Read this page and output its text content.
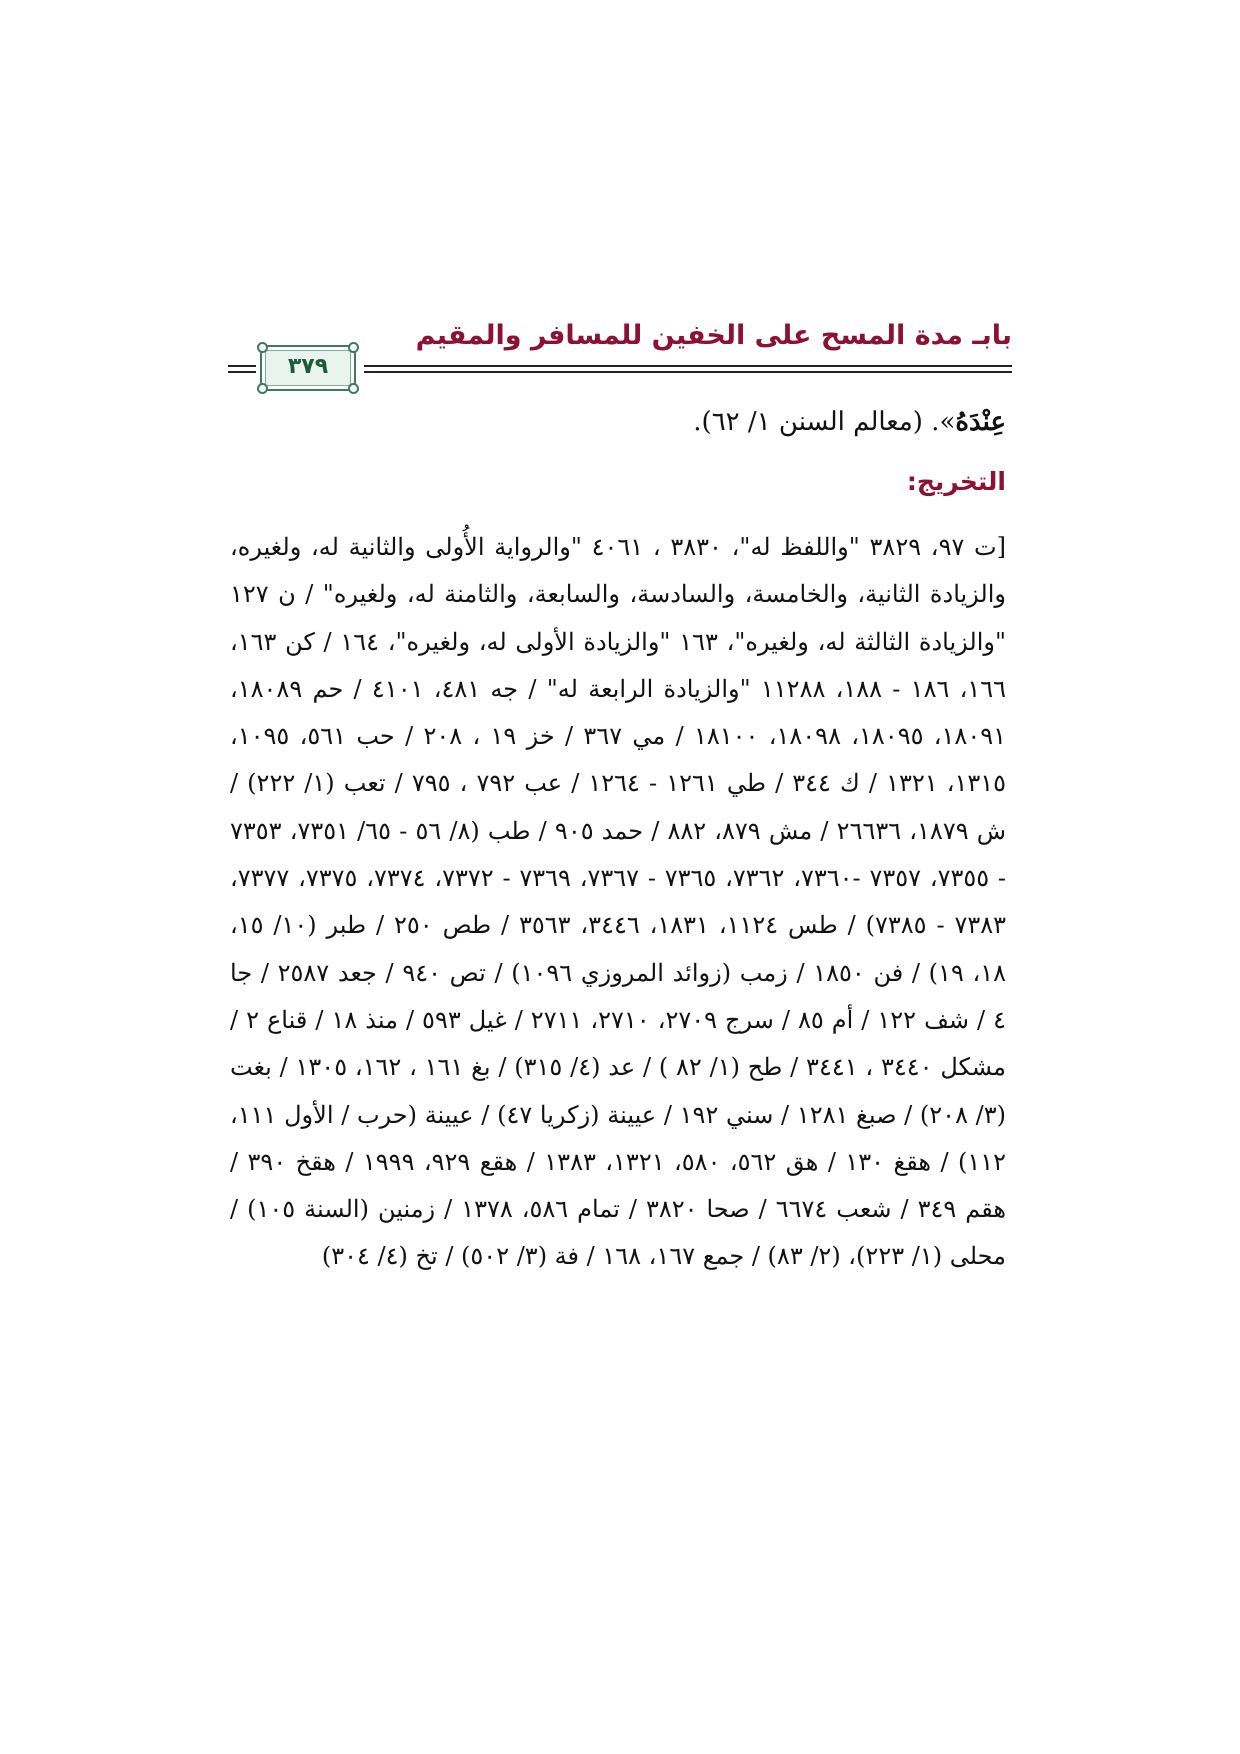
بابـ مدة المسح على الخفين للمسافر والمقيم
٣٧٩

عِنْدَهُ». (معالم السنن ١/ ٦٢).

التخريج:

[ت ٩٧، ٣٨٢٩ "واللفظ له"، ٣٨٣٠ ، ٤٠٦١ "والرواية الأُولى والثانية له، ولغيره، والزيادة الثانية، والخامسة، والسادسة، والسابعة، والثامنة له، ولغيره" / ن ١٢٧ "والزيادة الثالثة له، ولغيره"، ١٦٣ "والزيادة الأولى له، ولغيره"، ١٦٤ / كن ١٦٣، ١٦٦، ١٨٦ - ١٨٨، ١١٢٨٨ "والزيادة الرابعة له" / جه ٤٨١، ٤١٠١ / حم ١٨٠٨٩، ١٨٠٩١، ١٨٠٩٥، ١٨٠٩٨، ١٨١٠٠ / مي ٣٦٧ / خز ١٩ ، ٢٠٨ / حب ٥٦١، ١٠٩٥، ١٣١٥، ١٣٢١ / ك ٣٤٤ / طي ١٢٦١ - ١٢٦٤ / عب ٧٩٢ ، ٧٩٥ / تعب (١/ ٢٢٢) / ش ١٨٧٩، ٢٦٦٣٦ / مش ٨٧٩، ٨٨٢ / حمد ٩٠٥ / طب (٨/ ٥٦ - ٦٥/ ٧٣٥١، ٧٣٥٣ - ٧٣٥٥، ٧٣٥٧ -٧٣٦٠، ٧٣٦٢، ٧٣٦٥ - ٧٣٦٧، ٧٣٦٩ - ٧٣٧٢، ٧٣٧٤، ٧٣٧٥، ٧٣٧٧، ٧٣٨٣ - ٧٣٨٥) / طس ١١٢٤، ١٨٣١، ٣٤٤٦، ٣٥٦٣ / طص ٢٥٠ / طبر (١٠/ ١٥، ١٨، ١٩) / فن ١٨٥٠ / زمب (زوائد المروزي ١٠٩٦) / تص ٩٤٠ / جعد ٢٥٨٧ / جا ٤ / شف ١٢٢ / أم ٨٥ / سرج ٢٧٠٩، ٢٧١٠، ٢٧١١ / غيل ٥٩٣ / منذ ١٨ / قناع ٢ / مشكل ٣٤٤٠ ، ٣٤٤١ / طح (١/ ٨٢ ) / عد (٤/ ٣١٥) / بغ ١٦١ ، ١٦٢، ١٣٠٥ / بغت (٣/ ٢٠٨) / صبغ ١٢٨١ / سني ١٩٢ / عيينة (زكريا ٤٧) / عيينة (حرب / الأول ١١١، ١١٢) / هقغ ١٣٠ / هق ٥٦٢، ٥٨٠، ١٣٢١، ١٣٨٣ / هقع ٩٢٩، ١٩٩٩ / هقخ ٣٩٠ / هقم ٣٤٩ / شعب ٦٦٧٤ / صحا ٣٨٢٠ / تمام ٥٨٦، ١٣٧٨ / زمنين (السنة ١٠٥) / محلى (١/ ٢٢٣)، (٢/ ٨٣) / جمع ١٦٧، ١٦٨ / فة (٣/ ٥٠٢) / تخ (٤/ ٣٠٤)
